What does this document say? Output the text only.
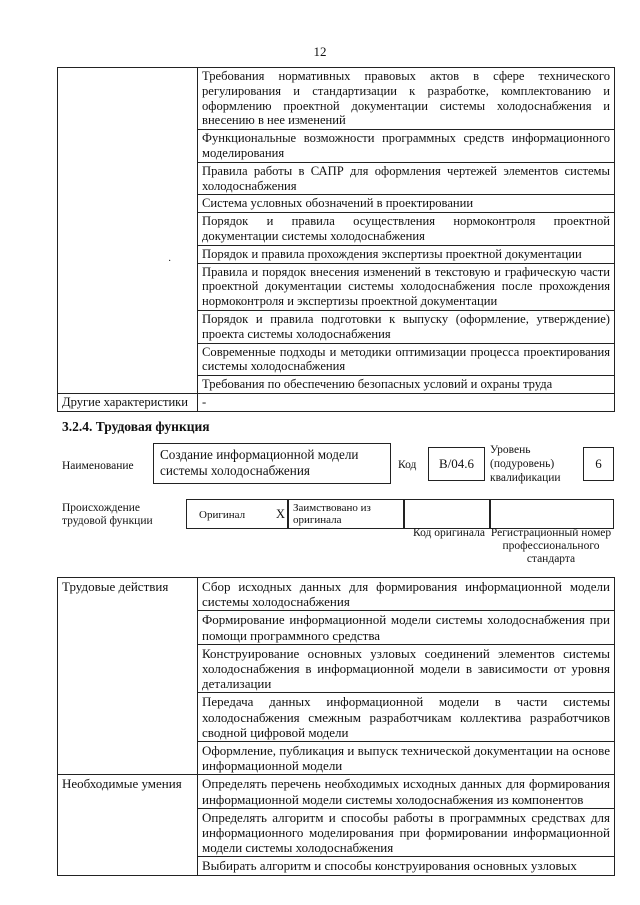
12
	Требования нормативных правовых актов в сфере технического регулирования и стандартизации к разработке, комплектованию и оформлению проектной документации системы холодоснабжения и внесению в нее изменений
	Функциональные возможности программных средств информационного моделирования
	Правила работы в САПР для оформления чертежей элементов системы холодоснабжения
	Система условных обозначений в проектировании
	Порядок и правила осуществления нормоконтроля проектной документации системы холодоснабжения
	Порядок и правила прохождения экспертизы проектной документации
	Правила и порядок внесения изменений в текстовую и графическую части проектной документации системы холодоснабжения после прохождения нормоконтроля и экспертизы проектной документации
	Порядок и правила подготовки к выпуску (оформление, утверждение) проекта системы холодоснабжения
	Современные подходы и методики оптимизации процесса проектирования системы холодоснабжения
	Требования по обеспечению безопасных условий и охраны труда
Другие характеристики	-
·
3.2.4. Трудовая функция
Наименование
Создание информационной модели системы холодоснабжения	Код	В/04.6
Уровень (подуровень) квалификации
6
Происхождение трудовой функции	Оригинал X Заимствовано из оригинала
Код оригинала Регистрационный номер профессионального стандарта
Трудовые действия	Сбор исходных данных для формирования информационной модели системы холодоснабжения
	Формирование информационной модели системы холодоснабжения при помощи программного средства
	Конструирование основных узловых соединений элементов системы холодоснабжения в информационной модели в зависимости от уровня детализации
	Передача данных информационной модели в части системы холодоснабжения смежным разработчикам коллектива разработчиков сводной цифровой модели
	Оформление, публикация и выпуск технической документации на основе информационной модели
Необходимые умения	Определять перечень необходимых исходных данных для формирования информационной модели системы холодоснабжения из компонентов
	Определять алгоритм и способы работы в программных средствах для информационного моделирования при формировании информационной модели системы холодоснабжения
	Выбирать алгоритм и способы конструирования основных узловых
